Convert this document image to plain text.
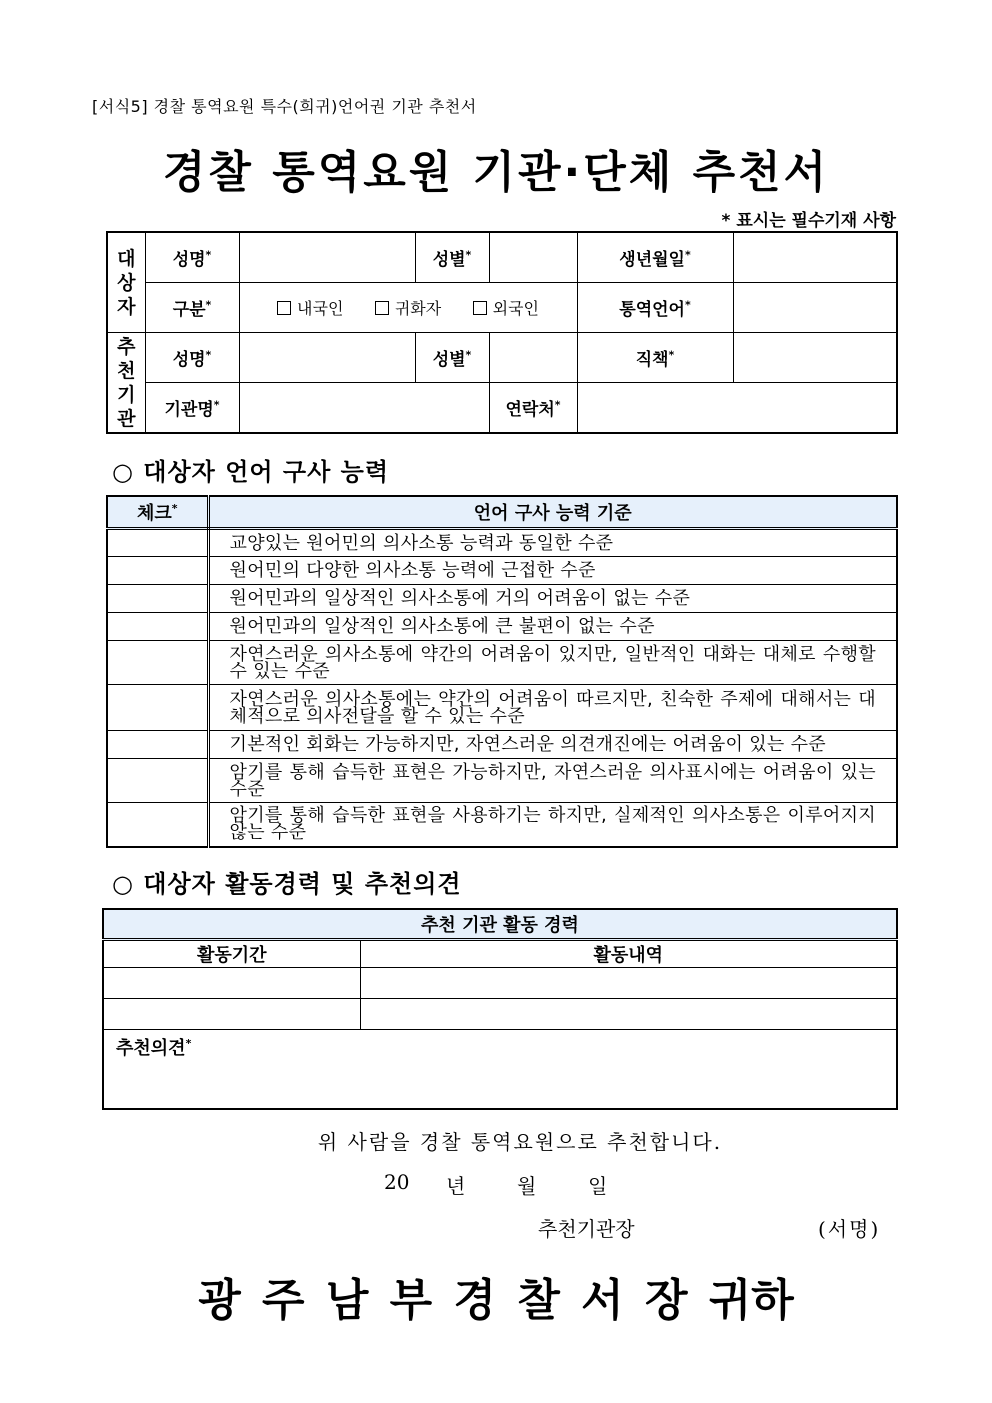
[서식5] 경찰 통역요원 특수(희귀)언어권 기관 추천서
경찰 통역요원 기관·단체 추천서
* 표시는 필수기재 사항
대
상
자	성명*		성별*		생년월일*	
	구분*	내국인 귀화자 외국인			통역언어*	

추
천
기
관	성명*		성별*		직책*	
	기관명*			연락처*	
○ 대상자 언어 구사 능력
체크*	언어 구사 능력 기준
	교양있는 원어민의 의사소통 능력과 동일한 수준
	원어민의 다양한 의사소통 능력에 근접한 수준
	원어민과의 일상적인 의사소통에 거의 어려움이 없는 수준
	원어민과의 일상적인 의사소통에 큰 불편이 없는 수준
	자연스러운 의사소통에 약간의 어려움이 있지만, 일반적인 대화는 대체로 수행할 수 있는 수준
	자연스러운 의사소통에는 약간의 어려움이 따르지만, 친숙한 주제에 대해서는 대체적으로 의사전달을 할 수 있는 수준
	기본적인 회화는 가능하지만, 자연스러운 의견개진에는 어려움이 있는 수준
	암기를 통해 습득한 표현은 가능하지만, 자연스러운 의사표시에는 어려움이 있는 수준
	암기를 통해 습득한 표현을 사용하기는 하지만, 실제적인 의사소통은 이루어지지 않는 수준
○ 대상자 활동경력 및 추천의견
추천 기관 활동 경력	
활동기간	활동내역

추천의견*
위 사람을 경찰 통역요원으로 추천합니다.
20 년	월	일
추천기관장	(서명)
광 주 남 부 경 찰 서 장 귀하
